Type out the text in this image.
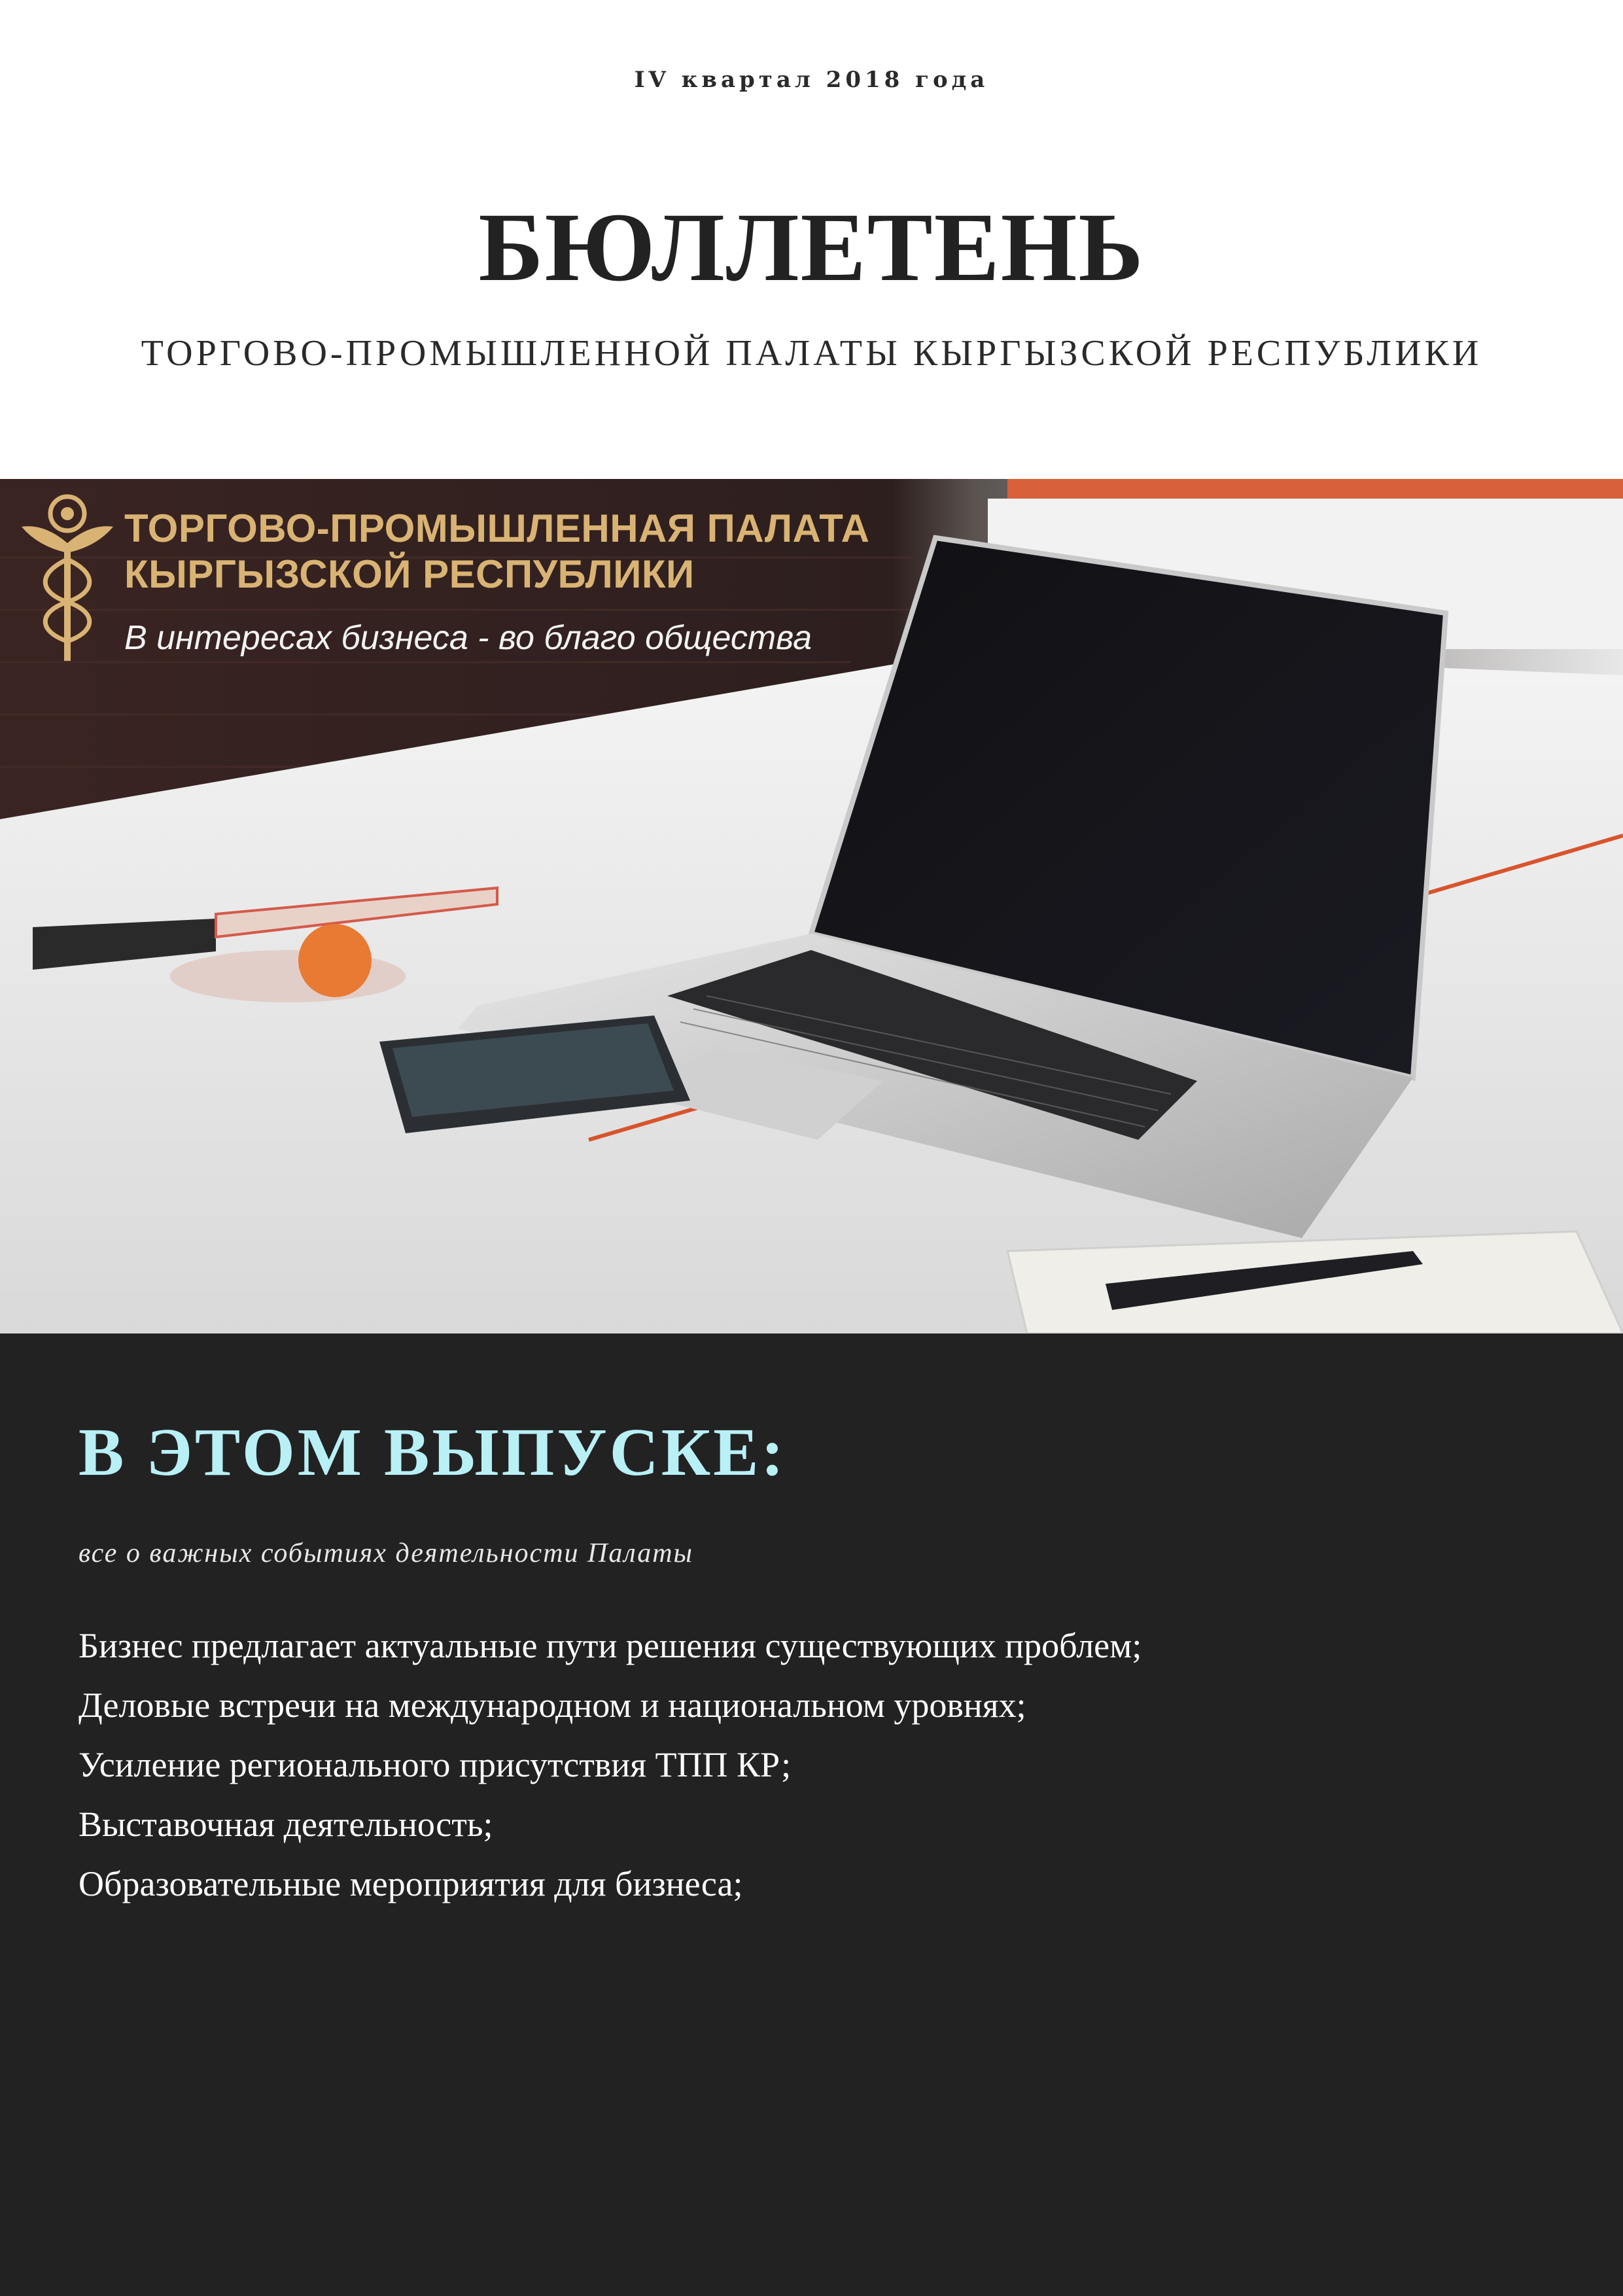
IV квартал 2018 года
БЮЛЛЕТЕНЬ
ТОРГОВО-ПРОМЫШЛЕННОЙ ПАЛАТЫ КЫРГЫЗСКОЙ РЕСПУБЛИКИ
ТОРГОВО-ПРОМЫШЛЕННАЯ ПАЛАТА
КЫРГЫЗСКОЙ РЕСПУБЛИКИ
В интересах бизнеса - во благо общества
В ЭТОМ ВЫПУСКЕ:
все о важных событиях деятельности Палаты
Бизнес предлагает актуальные пути решения существующих проблем;
Деловые встречи на международном и национальном уровнях;
Усиление регионального присутствия ТПП КР;
Выставочная деятельность;
Образовательные мероприятия для бизнеса;
